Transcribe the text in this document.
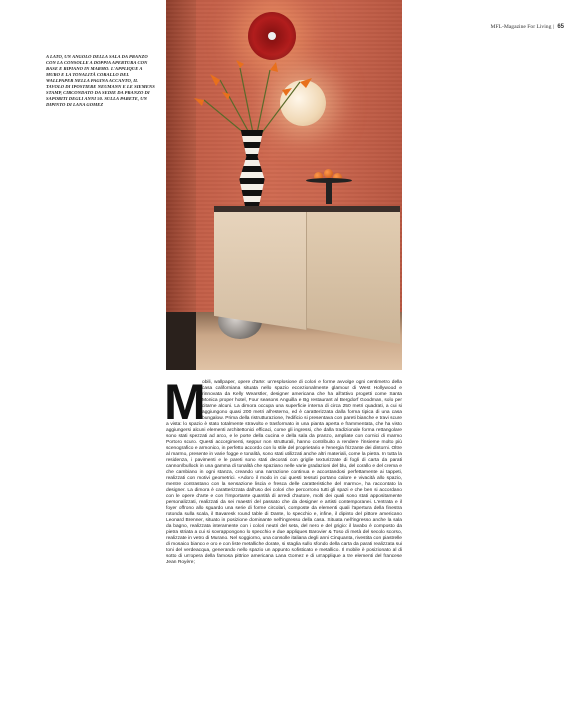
MFL-Magazine For Living | 65
A LATO, UN ANGOLO DELLA SALA DA PRANZO CON LA CONSOLLE A DOPPIA APERTURA CON BASE E RIPIANO IN MARMO. L'APPLIQUE A MURO E LA TONALITÀ CORALLO DEL WALLPAPER NELLA PAGINA ACCANTO, IL TAVOLO DI IPOSTIERE NEUMANN E LE SIEMENS STAMP, CIRCONDATO DA SEDIE DA PRANZO DI SAPORITI DEGLI ANNI 50. SULLA PARETE, UN DIPINTO DI LANA GOMEZ
M
obili, wallpaper, opere d'arte: un'esplosione di colori e forme avvolge ogni centimetro della casa californiana situata nello spazio eccezionalmente glamour di West Hollywood e rinnovata da Kelly Wearstler, designer americana che ha all'attivo progetti come Santa Monica proper hotel, Four seasons Anguilla e Bg restaurant al Bergdorf Goodman, solo per citarne alcuni. La dimora occupa una superficie interna di circa 250 metri quadrati, a cui si aggiungono quasi 200 metri all'esterno, ed è caratterizzata dalla forma tipica di una casa bungalow. Prima della ristrutturazione, l'edificio si presentava con pareti bianche e travi scure a vista: lo spazio è stato totalmente stravolto e trasformato in una pianta aperta e frammentata, che ha visto aggiungersi alcuni elementi architettonici efficaci, come gli ingressi, che dalla tradizionale forma rettangolare sono stati spezzati ad arco, e le porte della cucina e della sala da pranzo, ampliate con cornici di marmo Portoro scuro. Questi accorgimenti, seppur non strutturali, hanno contribuito a rendere l'insieme molto più scenografico e armonico, in perfetto accordo con lo stile del proprietario e l'energia frizzante dei dintorni. Oltre al marmo, presente in varie fogge e tonalità, sono stati utilizzati anche altri materiali, come la pietra. In tutta la residenza, i pavimenti e le pareti sono stati decorati con griglie texturizzate di fogli di carta da parati cannon/bullock in una gamma di tonalità che spaziano nelle varie gradazioni del blu, del corallo e del crema e che cambiano in ogni stanza, creando una narrazione continua e accostandosi perfettamente ai tappeti, realizzati con motivi geometrici. «Adoro il modo in cui questi tessuti portano calore e vivacità allo spazio, mentre contrastano con la sensazione liscia e fresca delle caratteristiche del marmo», ha raccontato la designer. La dimora è caratterizzata dall'uso dei colori che percorrono tutti gli spazi e che ben si accordano con le opere d'arte e con l'importante quantità di arredi d'autore, molti dei quali sono stati appositamente personalizzati, realizzati da sei maestri del passato che da designer e artisti contemporanei. L'entrata e il foyer offrono allo sguardo una serie di forme circolari, composte da elementi quali l'apertura della finestra rotonda sulla scala, il Bavaresk round table di Dante, lo specchio e, infine, il dipinto del pittore americano Leonard Brenner, situato in posizione dominante nell'ingresso della casa. Situata nell'ingresso anche la sala da bagno, realizzata interamente con i colori neutri del seta, del nero e del grigio: il lavabo è composto da pietra striata a cui si sovrappongono lo specchio e due appliques Barovier & Toso di metà del secolo scorso, realizzate in vetro di Murano. Nel soggiorno, una consolle italiana degli anni Cinquanta, rivestita con piastrelle di mosaico bianco e oro e con liste metalliche dorate, si staglia sullo sfondo della carta da parati realizzata sui toni del verdeacqua, generando nello spazio un appunto sofisticato e metallico. Il mobile è posizionato al di sotto di un'opera della famosa pittrice americana Lana Gomez e di un'applique a tre elementi del francese Jean Royère;
